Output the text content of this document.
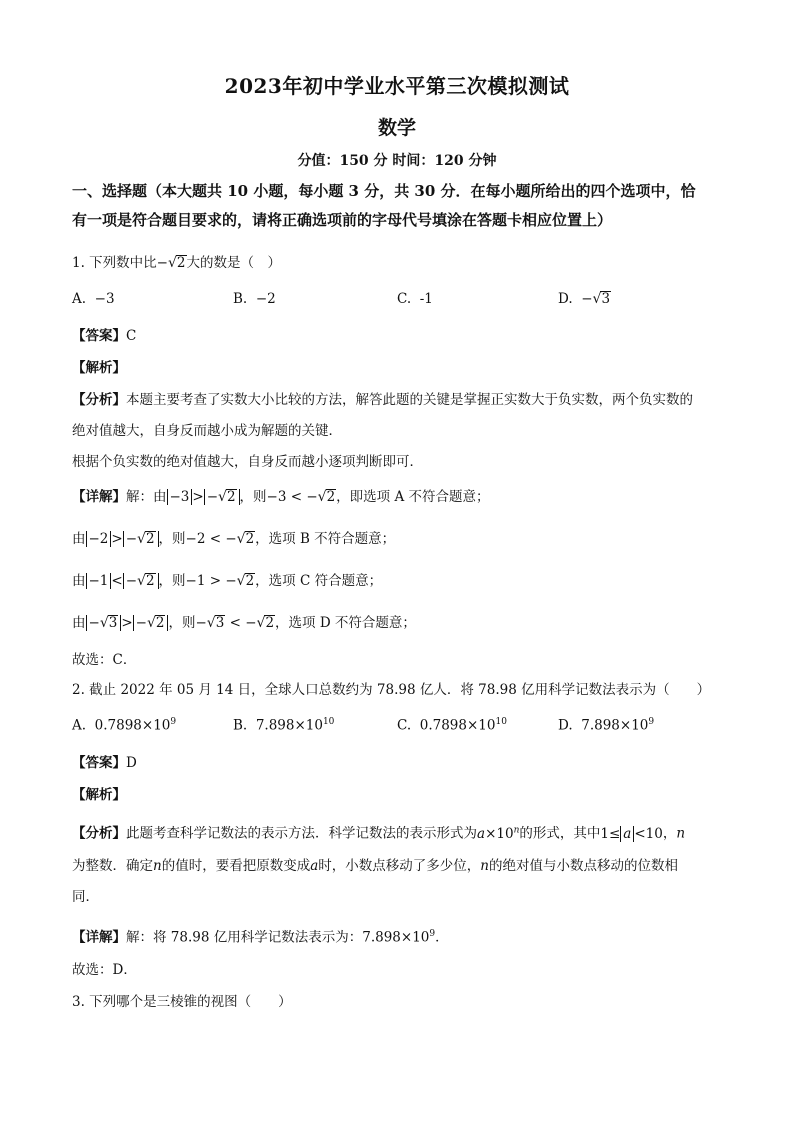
2023年初中学业水平第三次模拟测试
数学
分值：150 分 时间：120 分钟
一、选择题（本大题共 10 小题，每小题 3 分，共 30 分．在每小题所给出的四个选项中，恰
有一项是符合题目要求的，请将正确选项前的字母代号填涂在答题卡相应位置上）
1. 下列数中比−√2大的数是（　）
A. −3	B. −2	C. -1	D. −√3
【答案】C
【解析】
【分析】本题主要考查了实数大小比较的方法，解答此题的关键是掌握正实数大于负实数，两个负实数的
绝对值越大，自身反而越小成为解题的关键．
根据个负实数的绝对值越大，自身反而越小逐项判断即可．
【详解】解：由 −3 > −√2 ，则−3 < −√2，即选项 A 不符合题意；
由 −2 > −√2 ，则−2 < −√2，选项 B 不符合题意；
由 −1 < −√2 ，则−1 > −√2，选项 C 符合题意；
由 −√3 > −√2 ，则−√3 < −√2，选项 D 不符合题意；
故选：C．
2. 截止 2022 年 05 月 14 日，全球人口总数约为 78.98 亿人．将 78.98 亿用科学记数法表示为（　　）
A. $0.7898\times 10^9$	B. $7.898\times 10^{10}$	C. $0.7898\times 10^{10}$	D. $7.898\times 10^9$
【答案】D
【解析】
【分析】此题考查科学记数法的表示方法．科学记数法的表示形式为$a\times 10^n$的形式，其中1≤ a <10，n
为整数．确定n的值时，要看把原数变成a时，小数点移动了多少位，n的绝对值与小数点移动的位数相
同．
【详解】解：将 78.98 亿用科学记数法表示为：$7.898\times 10^9$．
故选：D．
3. 下列哪个是三棱锥的视图（　　）
